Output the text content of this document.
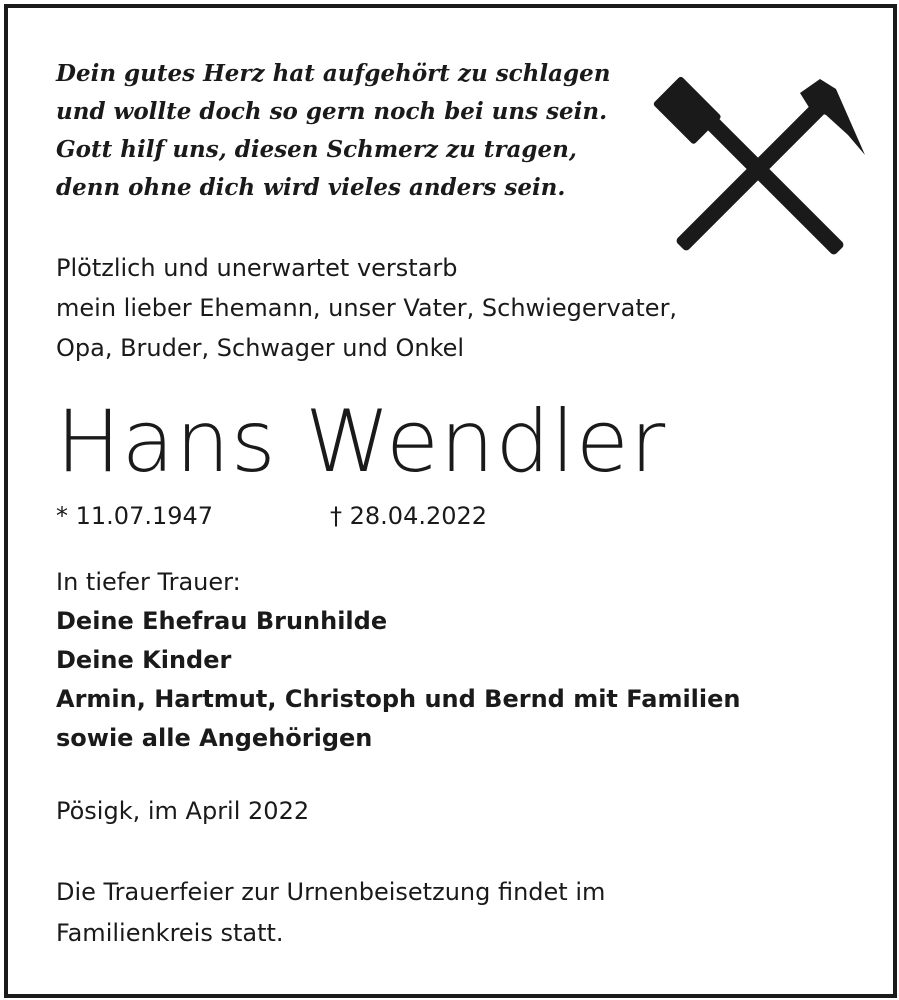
Dein gutes Herz hat aufgehört zu schlagen
und wollte doch so gern noch bei uns sein.
Gott hilf uns, diesen Schmerz zu tragen,
denn ohne dich wird vieles anders sein.
Plötzlich und unerwartet verstarb
mein lieber Ehemann, unser Vater, Schwiegervater,
Opa, Bruder, Schwager und Onkel
Hans Wendler
* 11.07.1947	† 28.04.2022
In tiefer Trauer:
Deine Ehefrau Brunhilde
Deine Kinder
Armin, Hartmut, Christoph und Bernd mit Familien
sowie alle Angehörigen
Pösigk, im April 2022
Die Trauerfeier zur Urnenbeisetzung findet im
Familienkreis statt.
